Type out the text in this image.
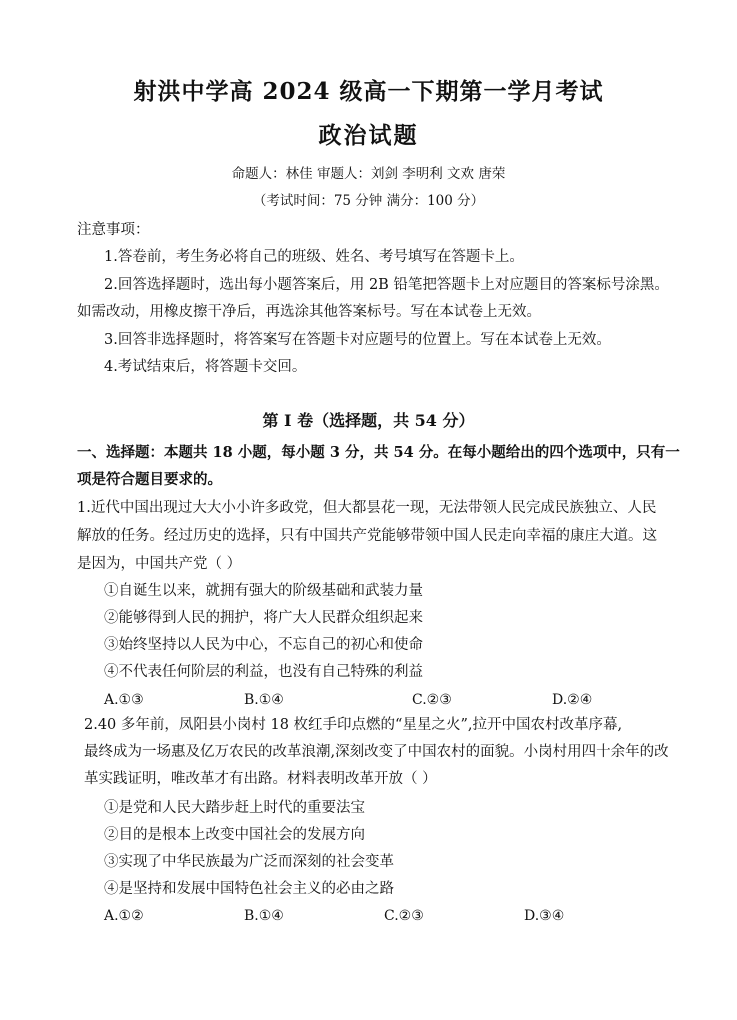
射洪中学高 2024 级高一下期第一学月考试
政治试题
命题人：林佳 审题人：刘剑 李明利 文欢 唐荣
（考试时间：75 分钟 满分：100 分）
注意事项：
1.答卷前，考生务必将自己的班级、姓名、考号填写在答题卡上。
2.回答选择题时，选出每小题答案后，用 2B 铅笔把答题卡上对应题目的答案标号涂黑。
如需改动，用橡皮擦干净后，再选涂其他答案标号。写在本试卷上无效。
3.回答非选择题时，将答案写在答题卡对应题号的位置上。写在本试卷上无效。
4.考试结束后，将答题卡交回。
第 I 卷（选择题，共 54 分）
一、选择题：本题共 18 小题，每小题 3 分，共 54 分。在每小题给出的四个选项中，只有一
项是符合题目要求的。
1.近代中国出现过大大小小许多政党，但大都昙花一现，无法带领人民完成民族独立、人民
解放的任务。经过历史的选择，只有中国共产党能够带领中国人民走向幸福的康庄大道。这
是因为，中国共产党（ ）
①自诞生以来，就拥有强大的阶级基础和武装力量
②能够得到人民的拥护，将广大人民群众组织起来
③始终坚持以人民为中心，不忘自己的初心和使命
④不代表任何阶层的利益，也没有自己特殊的利益
A.①③	B.①④	C.②③	D.②④
2.40 多年前，凤阳县小岗村 18 枚红手印点燃的“星星之火”,拉开中国农村改革序幕,
最终成为一场惠及亿万农民的改革浪潮,深刻改变了中国农村的面貌。小岗村用四十余年的改
革实践证明，唯改革才有出路。材料表明改革开放（ ）
①是党和人民大踏步赶上时代的重要法宝
②目的是根本上改变中国社会的发展方向
③实现了中华民族最为广泛而深刻的社会变革
④是坚持和发展中国特色社会主义的必由之路
A.①②	B.①④	C.②③	D.③④
